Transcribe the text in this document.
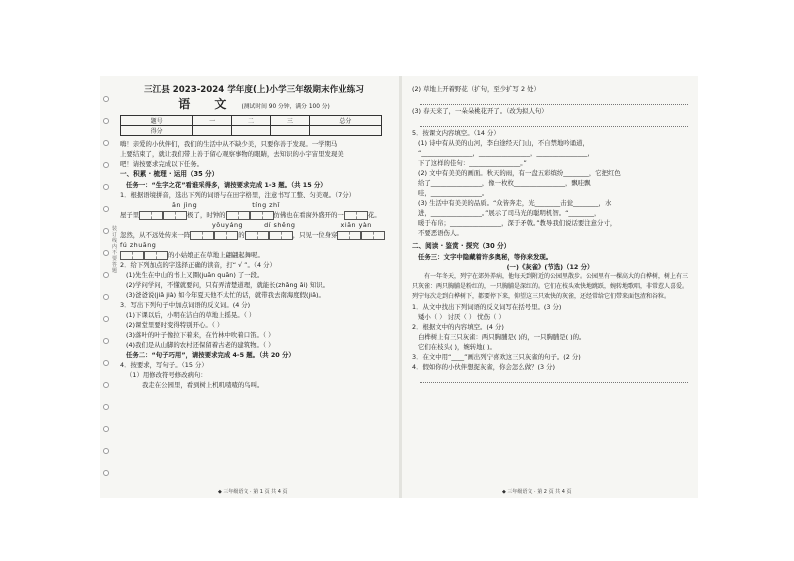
装订线内不要答题
三江县 2023-2024 学年度(上)小学三年级期末作业练习
语 文 (测试时间 90 分钟，满分 100 分)
题号	一	二	三	总分
得分				
嗨！亲爱的小伙伴们，我们的生活中从不缺少美，只要你善于发现。一学期马
上要结束了，就让我们带上善于留心观察事物的眼睛，去知识的小宇宙里发现美
吧！请按要求完成以下任务。
一、积累 · 梳理 · 运用（35 分）
任务一：“生字之花”看谁采得多，请按要求完成 1-3 题。（共 15 分）
1．根据语境拼音，选出下列的词语与在田字格里，注意书写工整、匀美观。（7分）
ān jìng	tíng zhǐ
屋子里	极了，时钟的	仿佛也在看窗外盛开的一	花。
yōuyáng	dí shēng	xiān yàn
忽然，从不远处传来一阵	的	，只见一位身穿
fú zhuāng
的小姑娘正在草地上翩翩起舞呢。
2．给下列加点的字选择正确的读音，打“ √ ”。（4 分）
(1)先生在中山的书上又圈(juān quān) 了一段。
(2)学问学问，不懂就要问，只有弄清楚道理，就能长(zhǎng ǎi) 知识。
(3)爸爸说(jiǎ jià) 如今年夏天他不太忙的话，就带我去南海度假(jiǎ)。
3．写出下列句子中加点词语的反义词。(4 分)
(1)下课以后，小明在洁白的草地上摇晃。（ ）
(2)课堂里要时变得特别开心。（ ）
(3)落叶的叶子像拉下着来，在竹林中吹着口笛。（ ）
(4)我们是从山脚的农村还保留着古老的建筑物。（ ）
任务二：“句子巧用”，请按要求完成 4-5 题。（共 20 分）
4．按要求，写句子。（15 分）
（1）用修改符号修改病句：
我走在公园里，看到树上机叽喳喳的鸟叫。
◆ 三年级语文 · 第 1 页 共 4 页
(2) 草地上开着野花（扩句，至少扩写 2 处）
(3) 春天来了，一朵朵桃花开了。（改为拟人句）
5．按课文内容填空。（14 分）
(1) 诗中有从美的山河，李白途经天门山，不自禁地吟诵道，
“________________，________________，________________，
下了这样的佳句：________________。”
(2) 文中有美美的画面。秋天的雨，有一盘五彩缤纷________，它把红色
给了________________，像一枚枚________________，飘哇飘
哇，________________。
(3) 生活中有美美的品质。“众皆奔走，光________击瓮________，水
进，________________。”展示了司马光的聪明机智。“________，
暖于布帛；________________，深于矛戟。”教导我们说话要注意分寸，
不要恶语伤人。
二、阅读 · 鉴赏 · 探究（30 分）
任务三：文字中隐藏着许多奥秘，等你来发现。
(一)《灰雀》(节选)（12 分）
有一年冬天，列宁在郊外养病，他每天到附近的公园里散步。公园里有一棵高大的白桦树，树上有三只灰雀：两只胸脯是粉红的，一只胸脯是深红的。它们在枝头欢快地跳跃，婉转地歌唱，非常惹人喜爱。列宁每次走到白桦树下，都要停下来，仰望这三只欢快的灰雀，还经常给它们带来面包渣和谷粒。
1．从文中找出下列词语的反义词写在括号里。(3 分)
矮小（ ） 讨厌（ ） 忧伤（ ）
2．根据文中的内容填空。(4 分)
白桦树上有三只灰雀：两只胸脯是( )的，一只胸脯是( )的。
它们在枝头( )，婉转地( )。
3．在文中用“____”画出列宁喜欢这三只灰雀的句子。(2 分)
4．假如你的小伙伴想捉灰雀，你会怎么做？(3 分)
◆ 三年级语文 · 第 2 页 共 4 页
